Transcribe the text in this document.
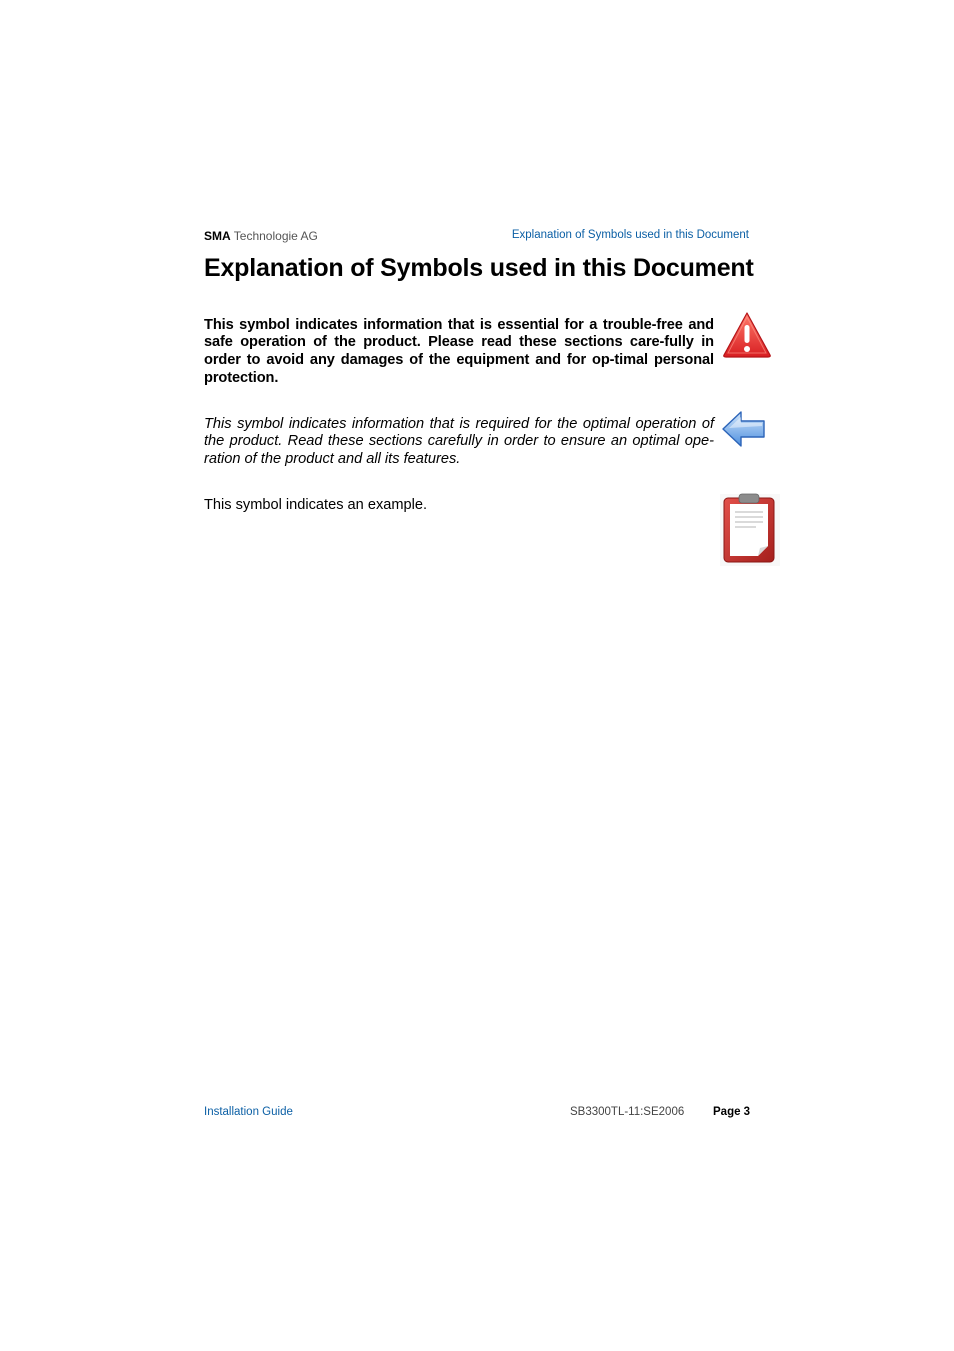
SMA Technologie AG	Explanation of Symbols used in this Document
Explanation of Symbols used in this Document

This symbol indicates information that is essential for a trouble-free and safe operation of the product. Please read these sections care-fully in order to avoid any damages of the equipment and for op-timal personal protection.

This symbol indicates information that is required for the optimal operation of the product. Read these sections carefully in order to ensure an optimal ope-ration of the product and all its features.

This symbol indicates an example.

Installation Guide	SB3300TL-11:SE2006	Page 3
